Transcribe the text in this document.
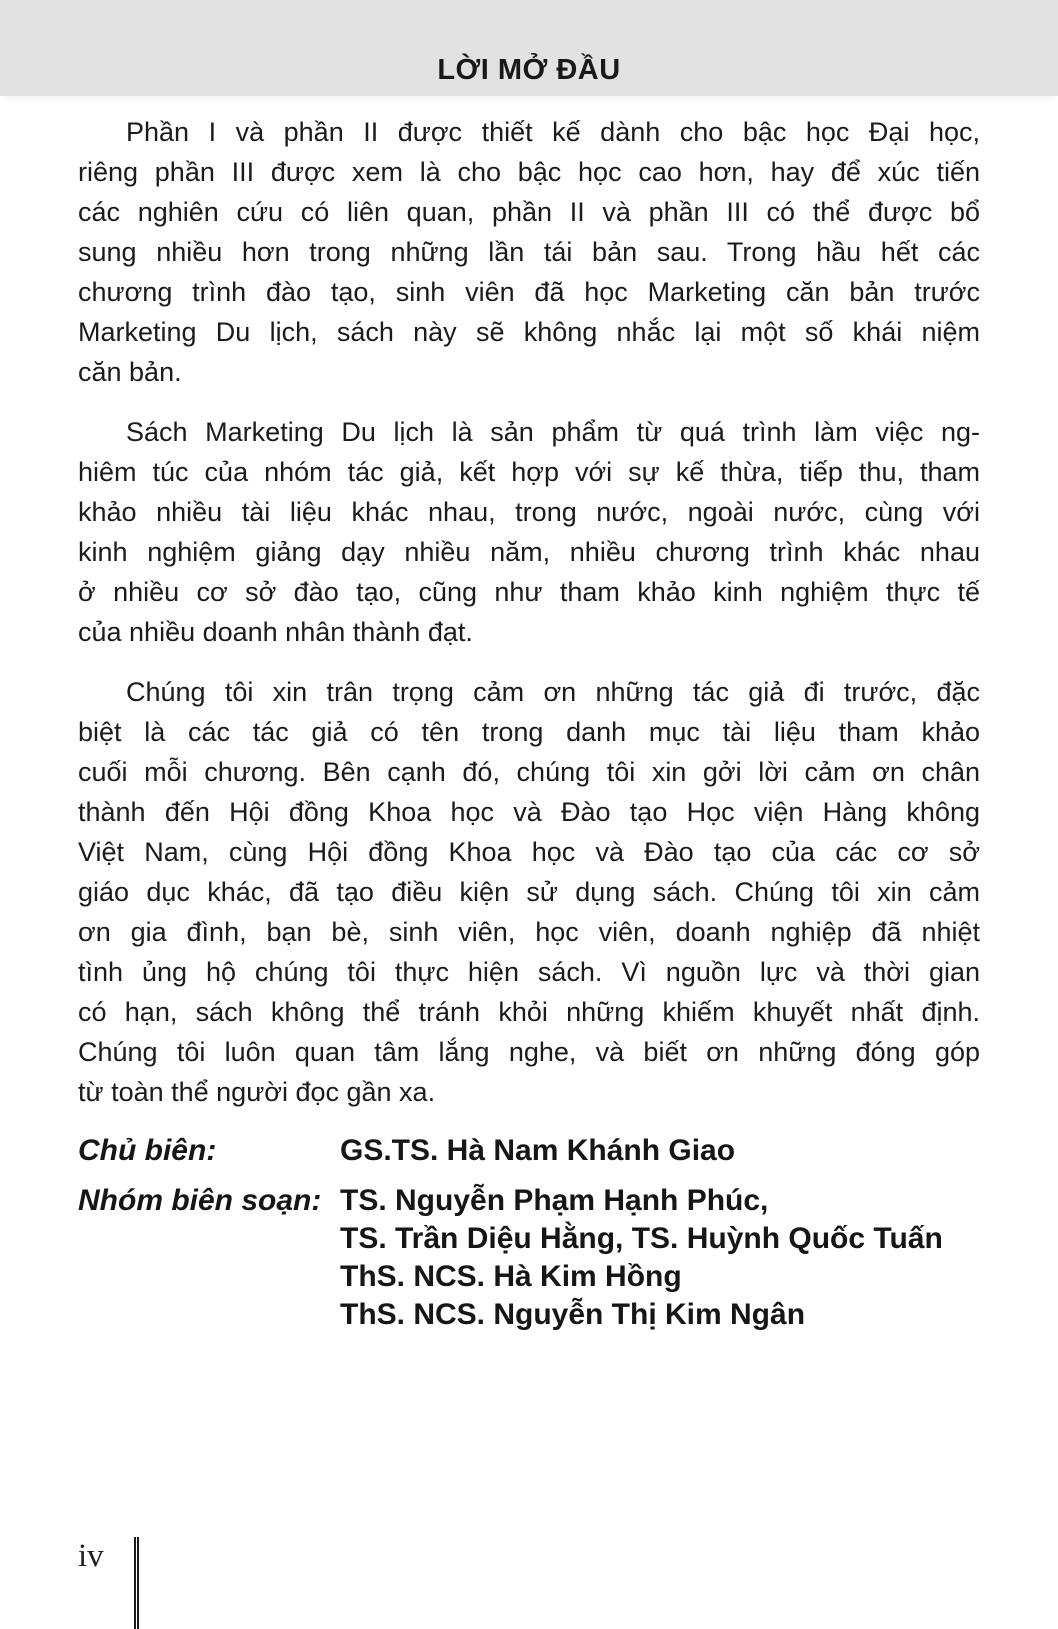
LỜI MỞ ĐẦU
Phần I và phần II được thiết kế dành cho bậc học Đại học,
riêng phần III được xem là cho bậc học cao hơn, hay để xúc tiến
các nghiên cứu có liên quan, phần II và phần III có thể được bổ
sung nhiều hơn trong những lần tái bản sau. Trong hầu hết các
chương trình đào tạo, sinh viên đã học Marketing căn bản trước
Marketing Du lịch, sách này sẽ không nhắc lại một số khái niệm
căn bản.
Sách Marketing Du lịch là sản phẩm từ quá trình làm việc ng-
hiêm túc của nhóm tác giả, kết hợp với sự kế thừa, tiếp thu, tham
khảo nhiều tài liệu khác nhau, trong nước, ngoài nước, cùng với
kinh nghiệm giảng dạy nhiều năm, nhiều chương trình khác nhau
ở nhiều cơ sở đào tạo, cũng như tham khảo kinh nghiệm thực tế
của nhiều doanh nhân thành đạt.
Chúng tôi xin trân trọng cảm ơn những tác giả đi trước, đặc
biệt là các tác giả có tên trong danh mục tài liệu tham khảo
cuối mỗi chương. Bên cạnh đó, chúng tôi xin gởi lời cảm ơn chân
thành đến Hội đồng Khoa học và Đào tạo Học viện Hàng không
Việt Nam, cùng Hội đồng Khoa học và Đào tạo của các cơ sở
giáo dục khác, đã tạo điều kiện sử dụng sách. Chúng tôi xin cảm
ơn gia đình, bạn bè, sinh viên, học viên, doanh nghiệp đã nhiệt
tình ủng hộ chúng tôi thực hiện sách. Vì nguồn lực và thời gian
có hạn, sách không thể tránh khỏi những khiếm khuyết nhất định.
Chúng tôi luôn quan tâm lắng nghe, và biết ơn những đóng góp
từ toàn thể người đọc gần xa.
Chủ biên:	GS.TS. Hà Nam Khánh Giao
Nhóm biên soạn: TS. Nguyễn Phạm Hạnh Phúc,
TS. Trần Diệu Hằng, TS. Huỳnh Quốc Tuấn
ThS. NCS. Hà Kim Hồng
ThS. NCS. Nguyễn Thị Kim Ngân
iv
